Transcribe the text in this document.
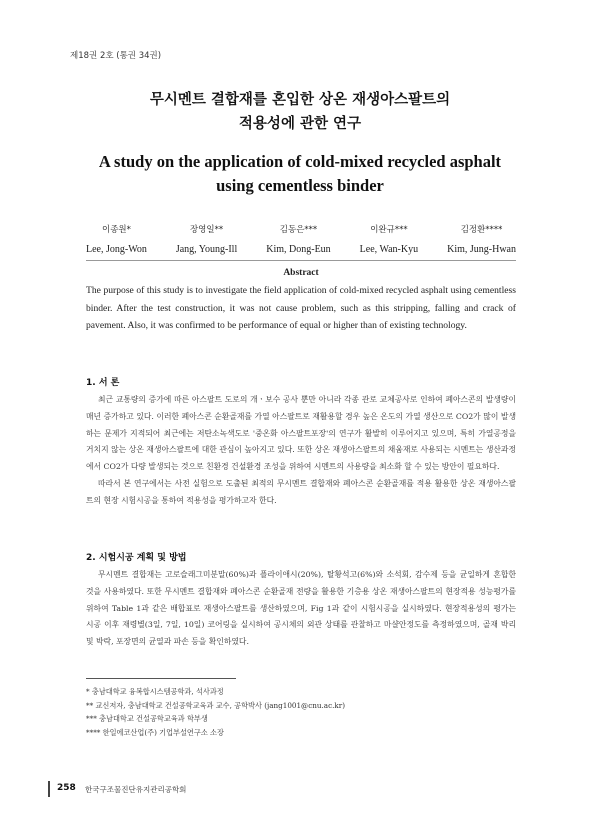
제18권 2호 (통권 34권)
무시멘트 결합재를 혼입한 상온 재생아스팔트의
적용성에 관한 연구
A study on the application of cold-mixed recycled asphalt
using cementless binder
이종원*
Lee, Jong-Won
장영일**
Jang, Young-Ill
김동은***
Kim, Dong-Eun
이완규***
Lee, Wan-Kyu
김정환****
Kim, Jung-Hwan
Abstract
The purpose of this study is to investigate the field application of cold-mixed recycled asphalt using cementless binder. After the test construction, it was not cause problem, such as this stripping, falling and crack of pavement. Also, it was confirmed to be performance of equal or higher than of existing technology.
1. 서 론

최근 교통량의 증가에 따른 아스팔트 도로의 개ㆍ보수 공사 뿐만 아니라 각종 관로 교체공사로 인하여 폐아스콘의 발생량이 매년 증가하고 있다. 이러한 폐아스콘 순환골재를 가열 아스팔트로 재활용할 경우 높은 온도의 가열 생산으로 CO2가 많이 발생하는 문제가 지적되어 최근에는 저탄소녹색도로 '중온화 아스팔트포장'의 연구가 활발히 이루어지고 있으며, 특히 가열공정을 거치지 않는 상온 재생아스팔트에 대한 관심이 높아지고 있다. 또한 상온 재생아스팔트의 채움재로 사용되는 시멘트는 생산과정에서 CO2가 다량 발생되는 것으로 친환경 건설환경 조성을 위하여 시멘트의 사용량을 최소화 할 수 있는 방안이 필요하다.

따라서 본 연구에서는 사전 실험으로 도출된 최적의 무시멘트 결합재와 폐아스콘 순환골재를 적용 활용한 상온 재생아스팔트의 현장 시험시공을 통하여 적용성을 평가하고자 한다.

2. 시험시공 계획 및 방법

무시멘트 결합재는 고로슬래그미분말(60%)과 플라이애시(20%), 탈황석고(6%)와 소석회, 감수제 등을 균일하게 혼합한 것을 사용하였다. 또한 무시멘트 결합재와 폐아스콘 순환골재 전량을 활용한 기층용 상온 재생아스팔트의 현장적용 성능평가를 위하여 Table 1과 같은 배합표로 재생아스팔트를 생산하였으며, Fig 1과 같이 시험시공을 실시하였다. 현장적용성의 평가는 시공 이후 재령별(3일, 7일, 10일) 코어링을 실시하여 공시체의 외관 상태를 관찰하고 마샬안정도를 측정하였으며, 골재 박리 및 박락, 포장면의 균열과 파손 등을 확인하였다.

* 충남대학교 융복합시스템공학과, 석사과정
** 교신저자, 충남대학교 건설공학교육과 교수, 공학박사 (jang1001@cnu.ac.kr)
*** 충남대학교 건설공학교육과 학부생
**** 한일에코산업(주) 기업부설연구소 소장
258 한국구조물진단유지관리공학회
